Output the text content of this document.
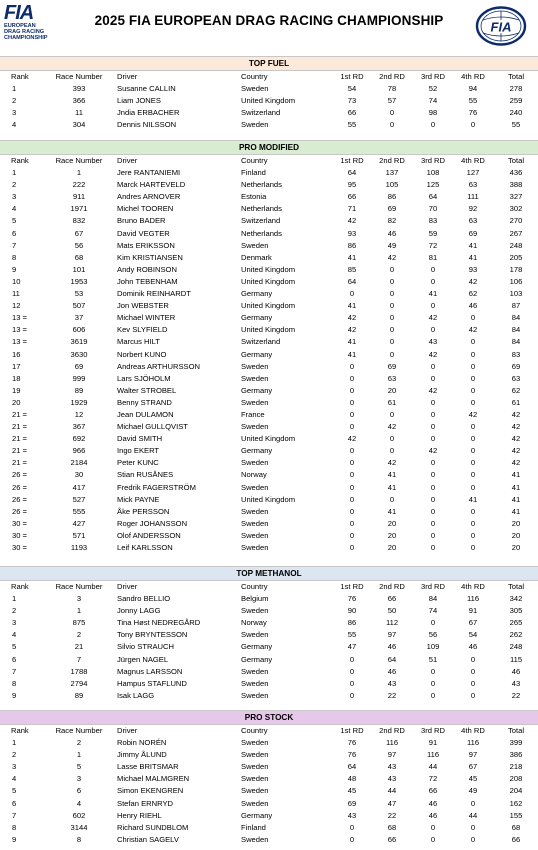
FIA
EUROPEAN
DRAG RACING
CHAMPIONSHIP
2025 FIA EUROPEAN DRAG RACING CHAMPIONSHIP	FIA
TOP FUEL
Rank	Race Number	Driver	Country	1st RD	2nd RD	3rd RD	4th RD	Total
1	393	Susanne CALLIN	Sweden	54	78	52	94	278
2	366	Liam JONES	United Kingdom	73	57	74	55	259
3	11	Jndia ERBACHER	Switzerland	66	0	98	76	240
4	304	Dennis NILSSON	Sweden	55	0	0	0	55
PRO MODIFIED
Rank	Race Number	Driver	Country	1st RD	2nd RD	3rd RD	4th RD	Total
1	1	Jere RANTANIEMI	Finland	64	137	108	127	436
2	222	Marck HARTEVELD	Netherlands	95	105	125	63	388
3	911	Andres ARNOVER	Estonia	66	86	64	111	327
4	1971	Michel TOOREN	Netherlands	71	69	70	92	302
5	832	Bruno BADER	Switzerland	42	82	83	63	270
6	67	David VEGTER	Netherlands	93	46	59	69	267
7	56	Mats ERIKSSON	Sweden	86	49	72	41	248
8	68	Kim KRISTIANSEN	Denmark	41	42	81	41	205
9	101	Andy ROBINSON	United Kingdom	85	0	0	93	178
10	1953	John TEBENHAM	United Kingdom	64	0	0	42	106
11	53	Dominik REINHARDT	Germany	0	0	41	62	103
12	507	Jon WEBSTER	United Kingdom	41	0	0	46	87
13 =	37	Michael WINTER	Germany	42	0	42	0	84
13 =	606	Kev SLYFIELD	United Kingdom	42	0	0	42	84
13 =	3619	Marcus HILT	Switzerland	41	0	43	0	84
16	3630	Norbert KUNO	Germany	41	0	42	0	83
17	69	Andreas ARTHURSSON	Sweden	0	69	0	0	69
18	999	Lars SJÖHOLM	Sweden	0	63	0	0	63
19	89	Walter STROBEL	Germany	0	20	42	0	62
20	1929	Benny STRAND	Sweden	0	61	0	0	61
21 =	12	Jean DULAMON	France	0	0	0	42	42
21 =	367	Michael GULLQVIST	Sweden	0	42	0	0	42
21 =	692	David SMITH	United Kingdom	42	0	0	0	42
21 =	966	Ingo EKERT	Germany	0	0	42	0	42
21 =	2184	Peter KUNC	Sweden	0	42	0	0	42
26 =	30	Stian RUSÅNES	Norway	0	41	0	0	41
26 =	417	Fredrik FAGERSTRÖM	Sweden	0	41	0	0	41
26 =	527	Mick PAYNE	United Kingdom	0	0	0	41	41
26 =	555	Åke PERSSON	Sweden	0	41	0	0	41
30 =	427	Roger JOHANSSON	Sweden	0	20	0	0	20
30 =	571	Olof ANDERSSON	Sweden	0	20	0	0	20
30 =	1193	Leif KARLSSON	Sweden	0	20	0	0	20
TOP METHANOL
Rank	Race Number	Driver	Country	1st RD	2nd RD	3rd RD	4th RD	Total
1	3	Sandro BELLIO	Belgium	76	66	84	116	342
2	1	Jonny LAGG	Sweden	90	50	74	91	305
3	875	Tina Høst NEDREGÅRD	Norway	86	112	0	67	265
4	2	Tony BRYNTESSON	Sweden	55	97	56	54	262
5	21	Silvio STRAUCH	Germany	47	46	109	46	248
6	7	Jürgen NAGEL	Germany	0	64	51	0	115
7	1788	Magnus LARSSON	Sweden	0	46	0	0	46
8	2794	Hampus STAFLUND	Sweden	0	43	0	0	43
9	89	Isak LAGG	Sweden	0	22	0	0	22
PRO STOCK
Rank	Race Number	Driver	Country	1st RD	2nd RD	3rd RD	4th RD	Total
1	2	Robin NORÉN	Sweden	76	116	91	116	399
2	1	Jimmy ÅLUND	Sweden	76	97	116	97	386
3	5	Lasse BRITSMAR	Sweden	64	43	44	67	218
4	3	Michael MALMGREN	Sweden	48	43	72	45	208
5	6	Simon EKENGREN	Sweden	45	44	66	49	204
6	4	Stefan ERNRYD	Sweden	69	47	46	0	162
7	602	Henry RIEHL	Germany	43	22	46	44	155
8	3144	Richard SUNDBLOM	Finland	0	68	0	0	68
9	8	Christian SAGELV	Sweden	0	66	0	0	66
